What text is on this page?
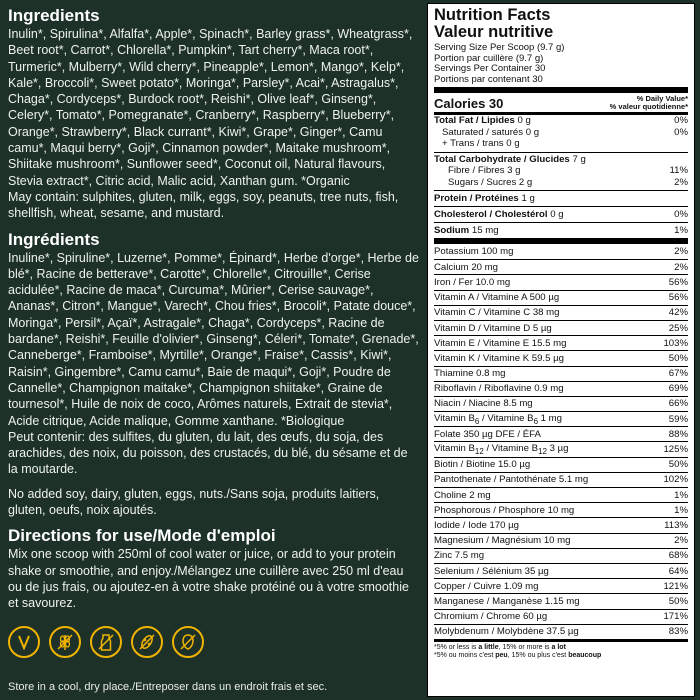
Ingredients

Inulin*, Spirulina*, Alfalfa*, Apple*, Spinach*, Barley grass*, Wheatgrass*, Beet root*, Carrot*, Chlorella*, Pumpkin*, Tart cherry*, Maca root*, Turmeric*, Mulberry*, Wild cherry*, Pineapple*, Lemon*, Mango*, Kelp*, Kale*, Broccoli*, Sweet potato*, Moringa*, Parsley*, Acai*, Astragalus*, Chaga*, Cordyceps*, Burdock root*, Reishi*, Olive leaf*, Ginseng*, Celery*, Tomato*, Pomegranate*, Cranberry*, Raspberry*, Blueberry*, Orange*, Strawberry*, Black currant*, Kiwi*, Grape*, Ginger*, Camu camu*, Maqui berry*, Goji*, Cinnamon powder*, Maitake mushroom*, Shiitake mushroom*, Sunflower seed*, Coconut oil, Natural flavours, Stevia extract*, Citric acid, Malic acid, Xanthan gum. *Organic

May contain: sulphites, gluten, milk, eggs, soy, peanuts, tree nuts, fish, shellfish, wheat, sesame, and mustard.

Ingrédients

Inuline*, Spiruline*, Luzerne*, Pomme*, Épinard*, Herbe d'orge*, Herbe de blé*, Racine de betterave*, Carotte*, Chlorelle*, Citrouille*, Cerise acidulée*, Racine de maca*, Curcuma*, Mûrier*, Cerise sauvage*, Ananas*, Citron*, Mangue*, Varech*, Chou fries*, Brocoli*, Patate douce*, Moringa*, Persil*, Açaï*, Astragale*, Chaga*, Cordyceps*, Racine de bardane*, Reishi*, Feuille d'olivier*, Ginseng*, Céleri*, Tomate*, Grenade*, Canneberge*, Framboise*, Myrtille*, Orange*, Fraise*, Cassis*, Kiwi*, Raisin*, Gingembre*, Camu camu*, Baie de maqui*, Goji*, Poudre de Cannelle*, Champignon maitake*, Champignon shiitake*, Graine de tournesol*, Huile de noix de coco, Arômes naturels, Extrait de stevia*, Acide citrique, Acide malique, Gomme xanthane. *Biologique

Peut contenir: des sulfites, du gluten, du lait, des œufs, du soja, des arachides, des noix, du poisson, des crustacés, du blé, du sésame et de la moutarde.

No added soy, dairy, gluten, eggs, nuts./Sans soja, produits laitiers, gluten, oeufs, noix ajoutés.

Directions for use/Mode d'emploi

Mix one scoop with 250ml of cool water or juice, or add to your protein shake or smoothie, and enjoy./Mélangez une cuillère avec 250 ml d'eau ou de jus frais, ou ajoutez-en à votre shake protéiné ou à votre smoothie et savourez.

Store in a cool, dry place./Entreposer dans un endroit frais et sec.
Nutrition Facts
Valeur nutritive
Serving Size Per Scoop (9.7 g)
Portion par cuillère (9.7 g)
Servings Per Container 30
Portions par contenant 30
Calories 30	% Daily Value*
% valeur quotidienne*
Total Fat / Lipides 0 g	0%
Saturated / saturés 0 g	0%
+ Trans / trans 0 g
Total Carbohydrate / Glucides 7 g
Fibre / Fibres 3 g	11%
Sugars / Sucres 2 g	2%
Protein / Protéines 1 g
Cholesterol / Cholestérol 0 g	0%
Sodium 15 mg	1%
Potassium 100 mg	2%
Calcium 20 mg	2%
Iron / Fer 10.0 mg	56%
Vitamin A / Vitamine A 500 µg	56%
Vitamin C / Vitamine C 38 mg	42%
Vitamin D / Vitamine D 5 µg	25%
Vitamin E / Vitamine E 15.5 mg	103%
Vitamin K / Vitamine K 59.5 µg	50%
Thiamine 0.8 mg	67%
Riboflavin / Riboflavine 0.9 mg	69%
Niacin / Niacine 8.5 mg	66%
Vitamin $B_6$ / Vitamine $B_6$ 1 mg	59%
Folate 350 µg DFE / ÉFA	88%
Vitamin $B_{12}$ / Vitamine $B_{12}$ 3 µg	125%
Biotin / Biotine 15.0 µg	50%
Pantothenate / Pantothénate 5.1 mg	102%
Choline 2 mg	1%
Phosphorous / Phosphore 10 mg	1%
Iodide / Iode 170 µg	113%
Magnesium / Magnésium 10 mg	2%
Zinc 7.5 mg	68%
Selenium / Sélénium 35 µg	64%
Copper / Cuivre 1.09 mg	121%
Manganese / Manganèse 1.15 mg	50%
Chromium / Chrome 60 µg	171%
Molybdenum / Molybdène 37.5 µg	83%
*5% or less is a little, 15% or more is a lot
*5% ou moins c'est peu, 15% ou plus c'est beaucoup
